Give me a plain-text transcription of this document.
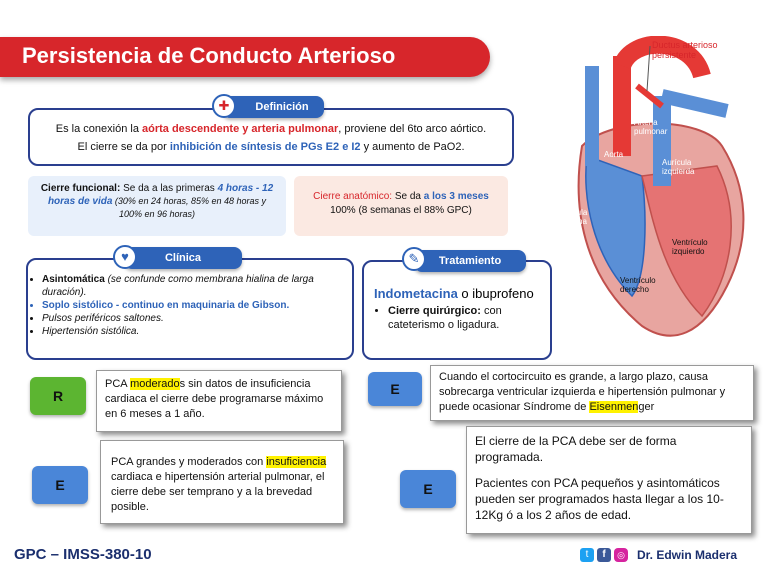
Persistencia de Conducto Arterioso
Es la conexión la aórta descendente y arteria pulmonar, proviene del 6to arco aórtico.
El cierre se da por inhibición de síntesis de PGs E2 e I2 y aumento de PaO2.
Definición
✚
Cierre funcional: Se da a las primeras 4 horas - 12 horas de vida (30% en 24 horas, 85% en 48 horas y 100% en 96 horas)
Cierre anatómico: Se da a los 3 meses
100% (8 semanas el 88% GPC)
• Asintomática (se confunde como membrana hialina de larga duración).
• Soplo sistólico - continuo en maquinaria de Gibson.
• Pulsos periféricos saltones.
• Hipertensión sistólica.
Clínica
♥
Indometacina o ibuprofeno
• Cierre quirúrgico: con cateterismo o ligadura.
Tratamiento
✎
Ductus arterioso persistente
Arteria pulmonar
Aorta
Aurícula izquierda
Aurícula derecha
Ventrículo izquierdo
Ventrículo derecho
R
PCA moderados sin datos de insuficiencia cardiaca el cierre debe programarse máximo en 6 meses a 1 año.
E
PCA grandes y moderados con insuficiencia cardiaca e hipertensión arterial pulmonar, el cierre debe ser temprano y a la brevedad posible.
E
Cuando el cortocircuito es grande, a largo plazo, causa sobrecarga ventricular izquierda e hipertensión pulmonar y puede ocasionar Síndrome de Eisenmenger
E
El cierre de la PCA debe ser de forma programada.
Pacientes con PCA pequeños y asintomáticos pueden ser programados hasta llegar a los 10-12Kg ó a los 2 años de edad.
GPC – IMSS-380-10	t	f	◎ Dr. Edwin Madera
